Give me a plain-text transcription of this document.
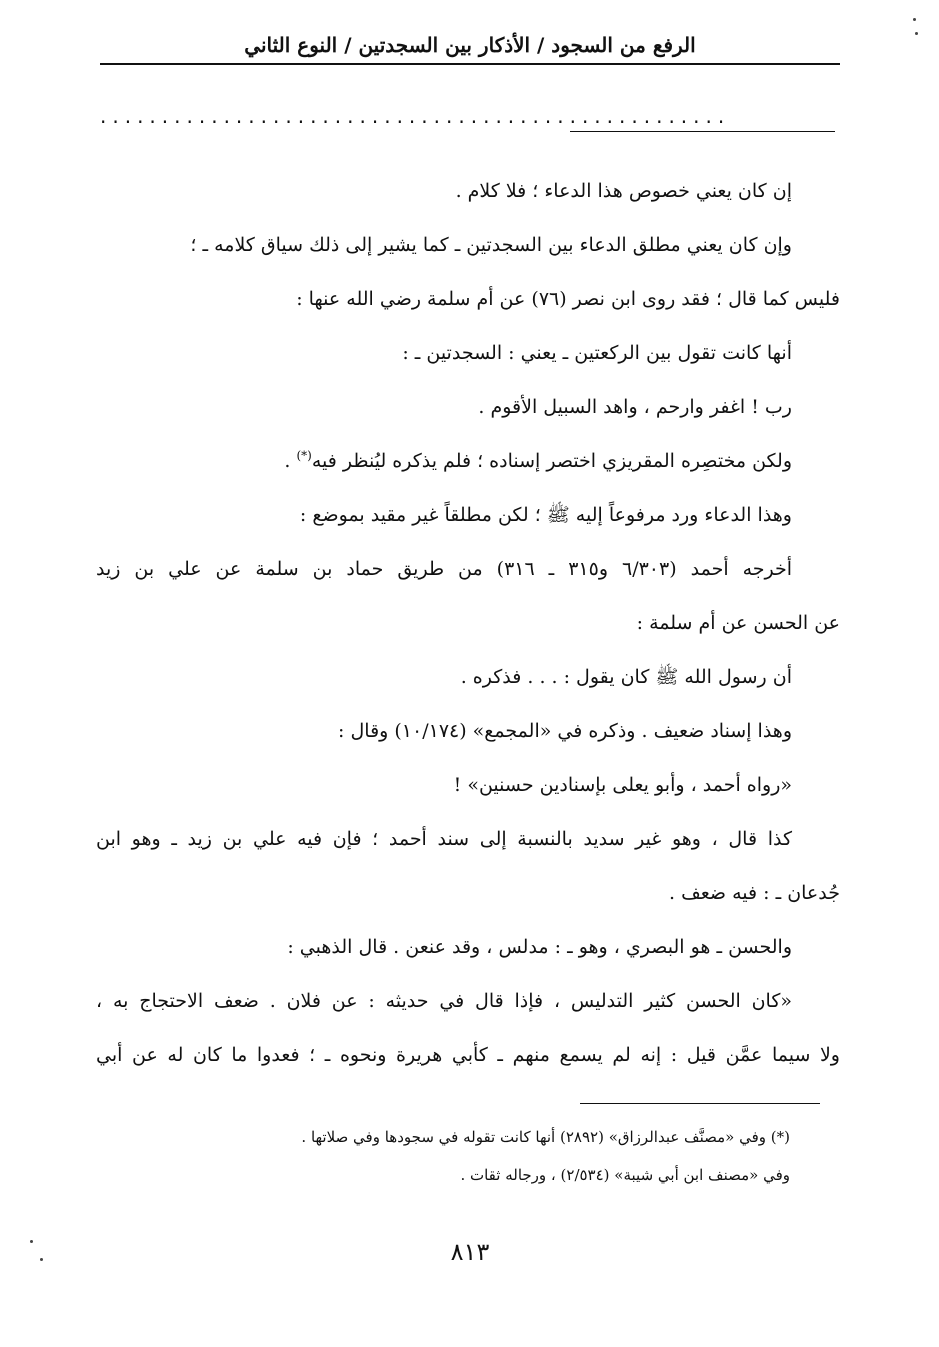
الرفع من السجود / الأذكار بين السجدتين / النوع الثاني
...................................................
إن كان يعني خصوص هذا الدعاء ؛ فلا كلام .
وإن كان يعني مطلق الدعاء بين السجدتين ـ كما يشير إلى ذلك سياق كلامه ـ ؛
فليس كما قال ؛ فقد روى ابن نصر (٧٦) عن أم سلمة رضي الله عنها :
أنها كانت تقول بين الركعتين ـ يعني : السجدتين ـ :
رب ! اغفر وارحم ، واهد السبيل الأقوم .
ولكن مختصِره المقريزي اختصر إسناده ؛ فلم يذكره ليُنظر فيه(*) .
وهذا الدعاء ورد مرفوعاً إليه ﷺ ؛ لكن مطلقاً غير مقيد بموضع :
أخرجه أحمد (٦/٣٠٣ و٣١٥ ـ ٣١٦) من طريق حماد بن سلمة عن علي بن زيد
عن الحسن عن أم سلمة :
أن رسول الله ﷺ كان يقول : . . . فذكره .
وهذا إسناد ضعيف . وذكره في «المجمع» (١٠/١٧٤) وقال :
«رواه أحمد ، وأبو يعلى بإسنادين حسنين» !
كذا قال ، وهو غير سديد بالنسبة إلى سند أحمد ؛ فإن فيه علي بن زيد ـ وهو ابن
جُدعان ـ : فيه ضعف .
والحسن ـ هو البصري ، وهو ـ : مدلس ، وقد عنعن . قال الذهبي :
«كان الحسن كثير التدليس ، فإذا قال في حديثه : عن فلان . ضعف الاحتجاج به ،
ولا سيما عمَّن قيل : إنه لم يسمع منهم ـ كأبي هريرة ونحوه ـ ؛ فعدوا ما كان له عن أبي
(*) وفي «مصنَّف عبدالرزاق» (٢٨٩٢) أنها كانت تقوله في سجودها وفي صلاتها .
وفي «مصنف ابن أبي شيبة» (٢/٥٣٤) ، ورجاله ثقات .
٨١٣
